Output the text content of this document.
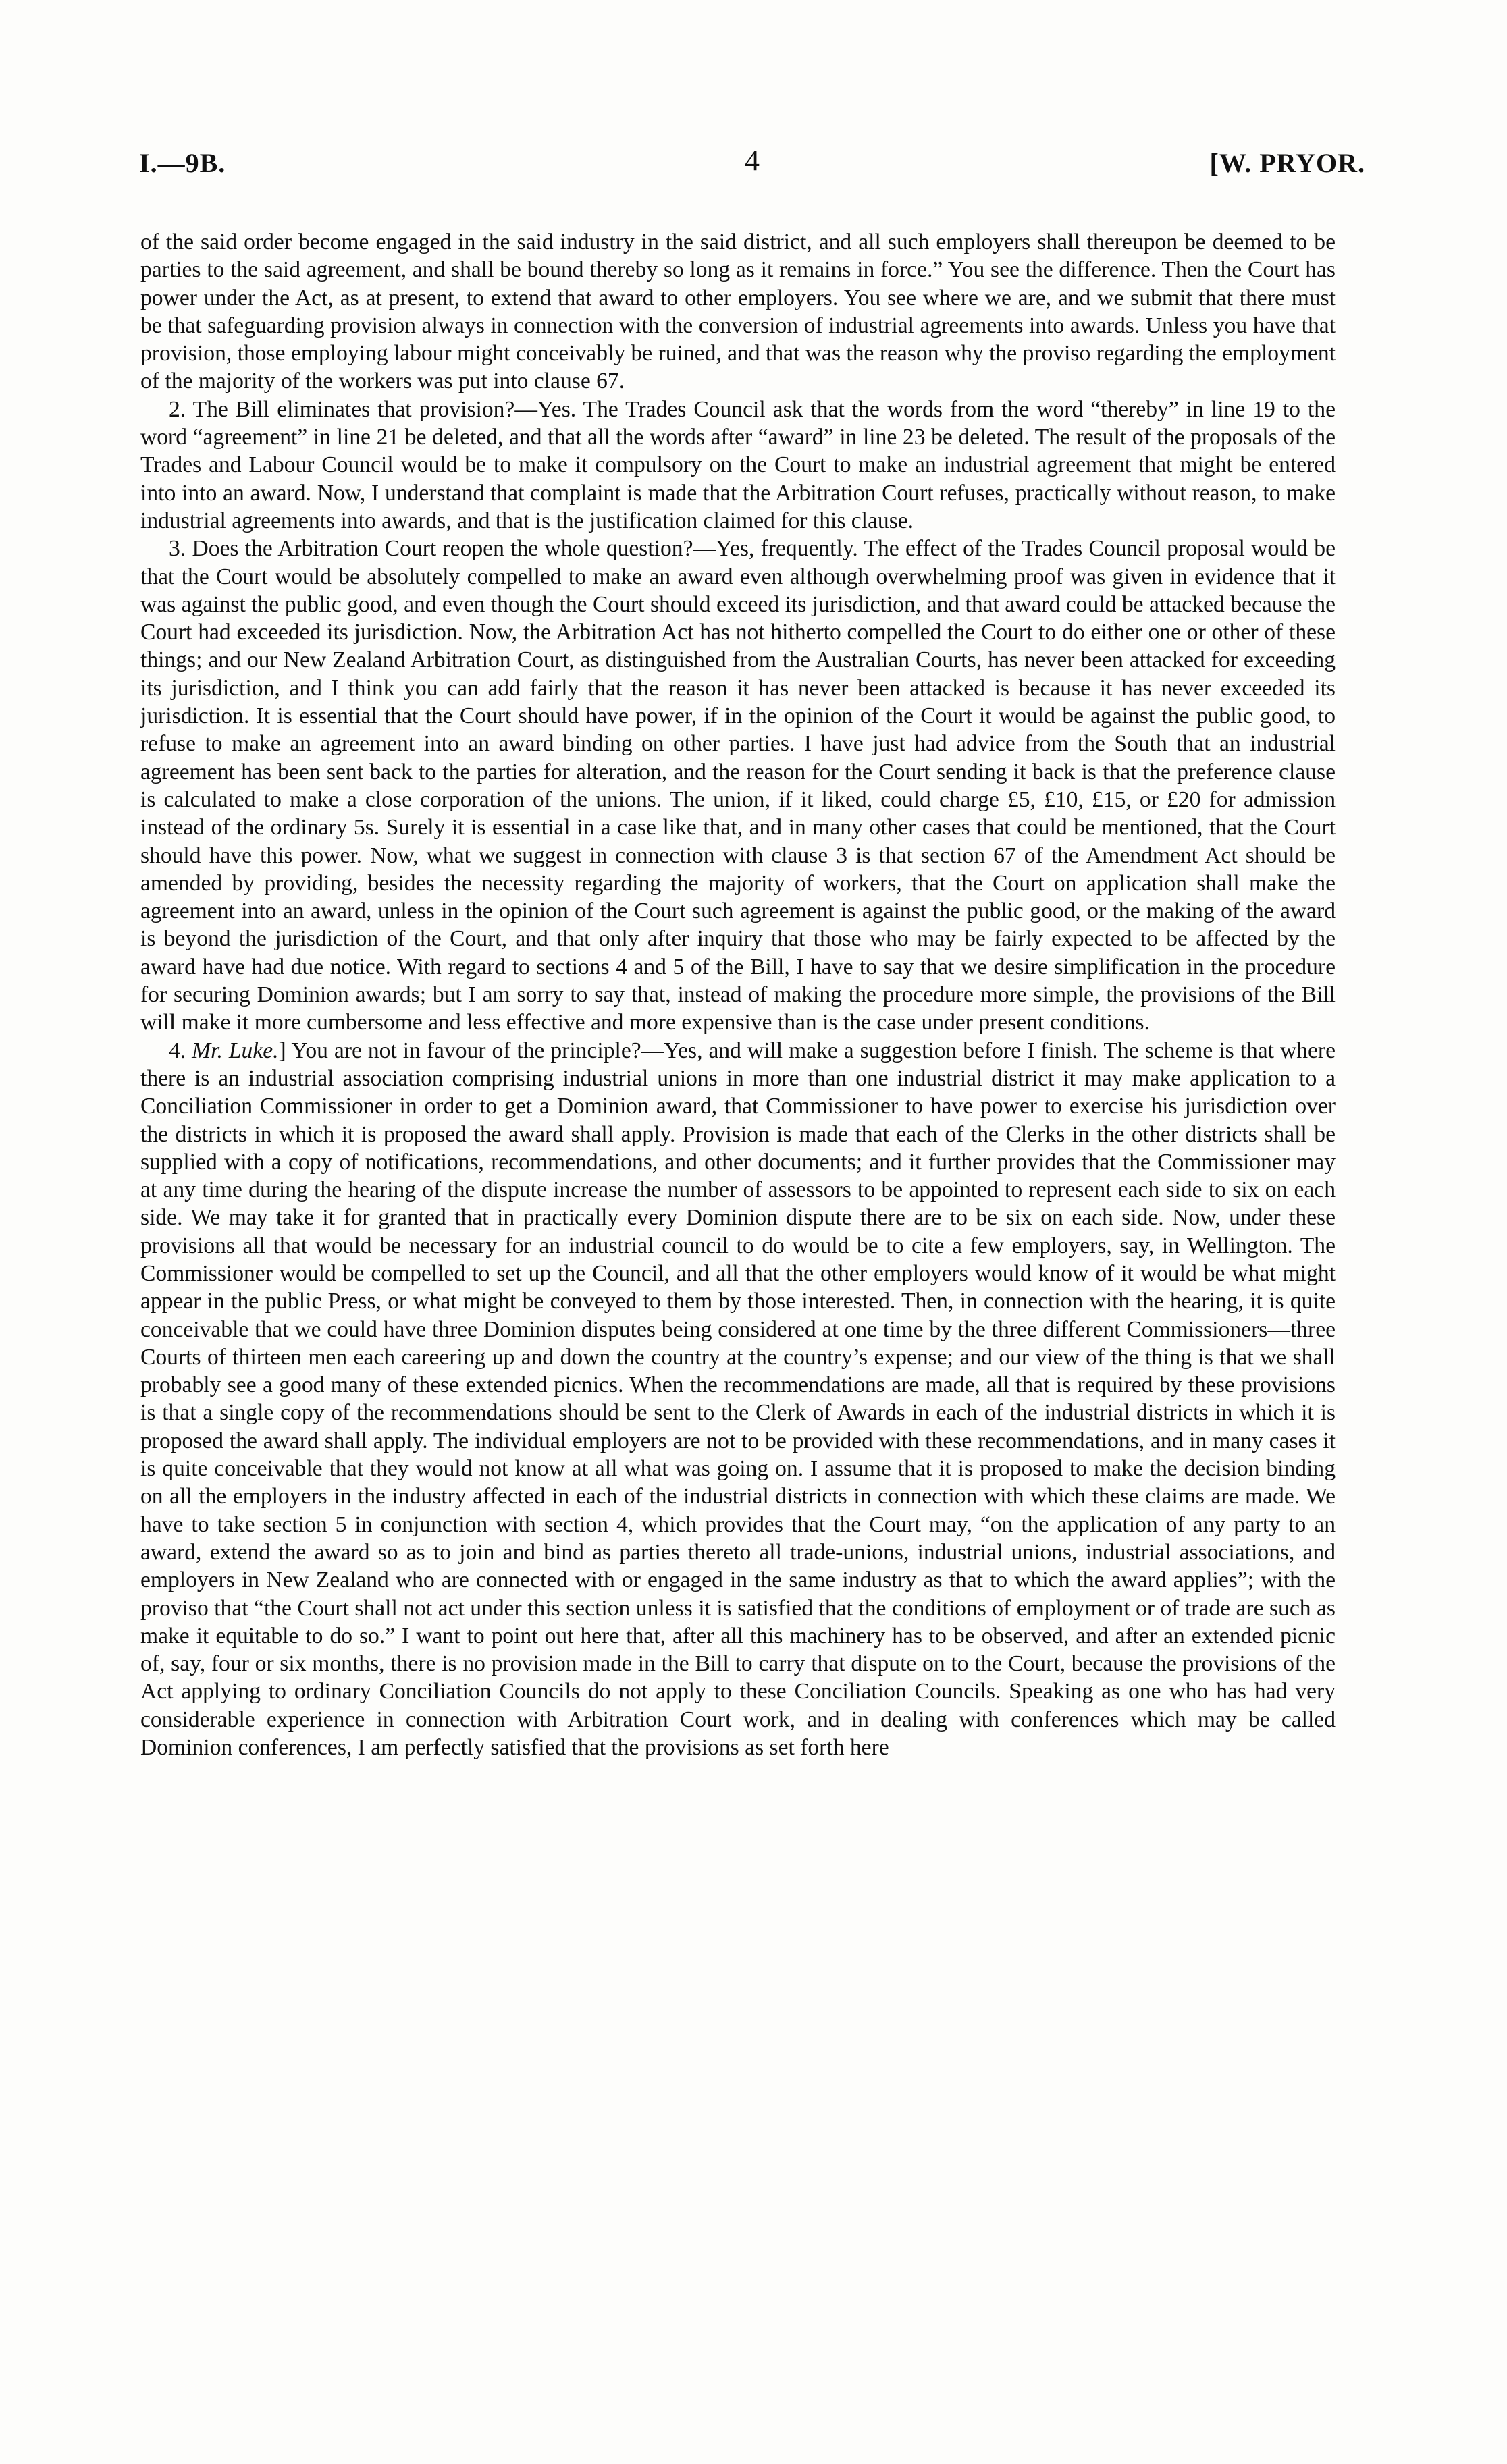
I.—9B.	4	[W. PRYOR.

of the said order become engaged in the said industry in the said district, and all such employers shall thereupon be deemed to be parties to the said agreement, and shall be bound thereby so long as it remains in force.” You see the difference. Then the Court has power under the Act, as at present, to extend that award to other employers. You see where we are, and we submit that there must be that safeguarding provision always in connection with the conversion of industrial agreements into awards. Unless you have that provision, those employing labour might conceivably be ruined, and that was the reason why the proviso regarding the employment of the majority of the workers was put into clause 67.

2. The Bill eliminates that provision?—Yes. The Trades Council ask that the words from the word “thereby” in line 19 to the word “agreement” in line 21 be deleted, and that all the words after “award” in line 23 be deleted. The result of the proposals of the Trades and Labour Council would be to make it compulsory on the Court to make an industrial agreement that might be entered into into an award. Now, I understand that complaint is made that the Arbitration Court refuses, practically without reason, to make industrial agreements into awards, and that is the justification claimed for this clause.

3. Does the Arbitration Court reopen the whole question?—Yes, frequently. The effect of the Trades Council proposal would be that the Court would be absolutely compelled to make an award even although overwhelming proof was given in evidence that it was against the public good, and even though the Court should exceed its jurisdiction, and that award could be attacked because the Court had exceeded its jurisdiction. Now, the Arbitration Act has not hitherto compelled the Court to do either one or other of these things; and our New Zealand Arbitration Court, as distinguished from the Australian Courts, has never been attacked for exceeding its jurisdiction, and I think you can add fairly that the reason it has never been attacked is because it has never exceeded its jurisdiction. It is essential that the Court should have power, if in the opinion of the Court it would be against the public good, to refuse to make an agreement into an award binding on other parties. I have just had advice from the South that an industrial agreement has been sent back to the parties for alteration, and the reason for the Court sending it back is that the preference clause is calculated to make a close corporation of the unions. The union, if it liked, could charge £5, £10, £15, or £20 for admission instead of the ordinary 5s. Surely it is essential in a case like that, and in many other cases that could be mentioned, that the Court should have this power. Now, what we suggest in connection with clause 3 is that section 67 of the Amendment Act should be amended by providing, besides the necessity regarding the majority of workers, that the Court on application shall make the agreement into an award, unless in the opinion of the Court such agreement is against the public good, or the making of the award is beyond the jurisdiction of the Court, and that only after inquiry that those who may be fairly expected to be affected by the award have had due notice. With regard to sections 4 and 5 of the Bill, I have to say that we desire simplification in the procedure for securing Dominion awards; but I am sorry to say that, instead of making the procedure more simple, the provisions of the Bill will make it more cumbersome and less effective and more expensive than is the case under present conditions.

4. Mr. Luke.] You are not in favour of the principle?—Yes, and will make a suggestion before I finish. The scheme is that where there is an industrial association comprising industrial unions in more than one industrial district it may make application to a Conciliation Commissioner in order to get a Dominion award, that Commissioner to have power to exercise his jurisdiction over the districts in which it is proposed the award shall apply. Provision is made that each of the Clerks in the other districts shall be supplied with a copy of notifications, recommendations, and other documents; and it further provides that the Commissioner may at any time during the hearing of the dispute increase the number of assessors to be appointed to represent each side to six on each side. We may take it for granted that in practically every Dominion dispute there are to be six on each side. Now, under these provisions all that would be necessary for an industrial council to do would be to cite a few employers, say, in Wellington. The Commissioner would be compelled to set up the Council, and all that the other employers would know of it would be what might appear in the public Press, or what might be conveyed to them by those interested. Then, in connection with the hearing, it is quite conceivable that we could have three Dominion disputes being considered at one time by the three different Commissioners—three Courts of thirteen men each careering up and down the country at the country’s expense; and our view of the thing is that we shall probably see a good many of these extended picnics. When the recommendations are made, all that is required by these provisions is that a single copy of the recommendations should be sent to the Clerk of Awards in each of the industrial districts in which it is proposed the award shall apply. The individual employers are not to be provided with these recommendations, and in many cases it is quite conceivable that they would not know at all what was going on. I assume that it is proposed to make the decision binding on all the employers in the industry affected in each of the industrial districts in connection with which these claims are made. We have to take section 5 in conjunction with section 4, which provides that the Court may, “on the application of any party to an award, extend the award so as to join and bind as parties thereto all trade-unions, industrial unions, industrial associations, and employers in New Zealand who are connected with or engaged in the same industry as that to which the award applies”; with the proviso that “the Court shall not act under this section unless it is satisfied that the conditions of employment or of trade are such as make it equitable to do so.” I want to point out here that, after all this machinery has to be observed, and after an extended picnic of, say, four or six months, there is no provision made in the Bill to carry that dispute on to the Court, because the provisions of the Act applying to ordinary Conciliation Councils do not apply to these Conciliation Councils. Speaking as one who has had very considerable experience in connection with Arbitration Court work, and in dealing with conferences which may be called Dominion conferences, I am perfectly satisfied that the provisions as set forth here
